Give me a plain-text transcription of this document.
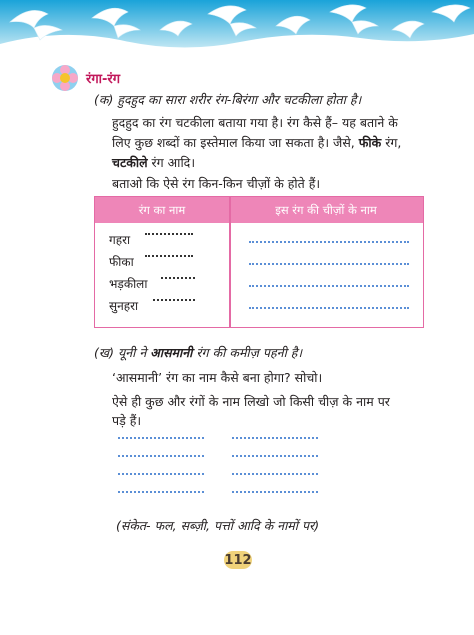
रंगा-रंग
(क) हुदहुद का सारा शरीर रंग-बिरंगा और चटकीला होता है।
हुदहुद का रंग चटकीला बताया गया है। रंग कैसे हैं– यह बताने के
लिए कुछ शब्दों का इस्तेमाल किया जा सकता है। जैसे, फीके रंग,
चटकीले रंग आदि।
बताओ कि ऐसे रंग किन-किन चीज़ों के होते हैं।
रंग का नाम	इस रंग की चीज़ों के नाम
गहरा
फीका
भड़कीला
सुनहरा
(ख) यूनी ने आसमानी रंग की कमीज़ पहनी है।
‘आसमानी’ रंग का नाम कैसे बना होगा? सोचो।
ऐसे ही कुछ और रंगों के नाम लिखो जो किसी चीज़ के नाम पर
पड़े हैं।
(संकेत- फल, सब्ज़ी, पत्तों आदि के नामों पर)
112
